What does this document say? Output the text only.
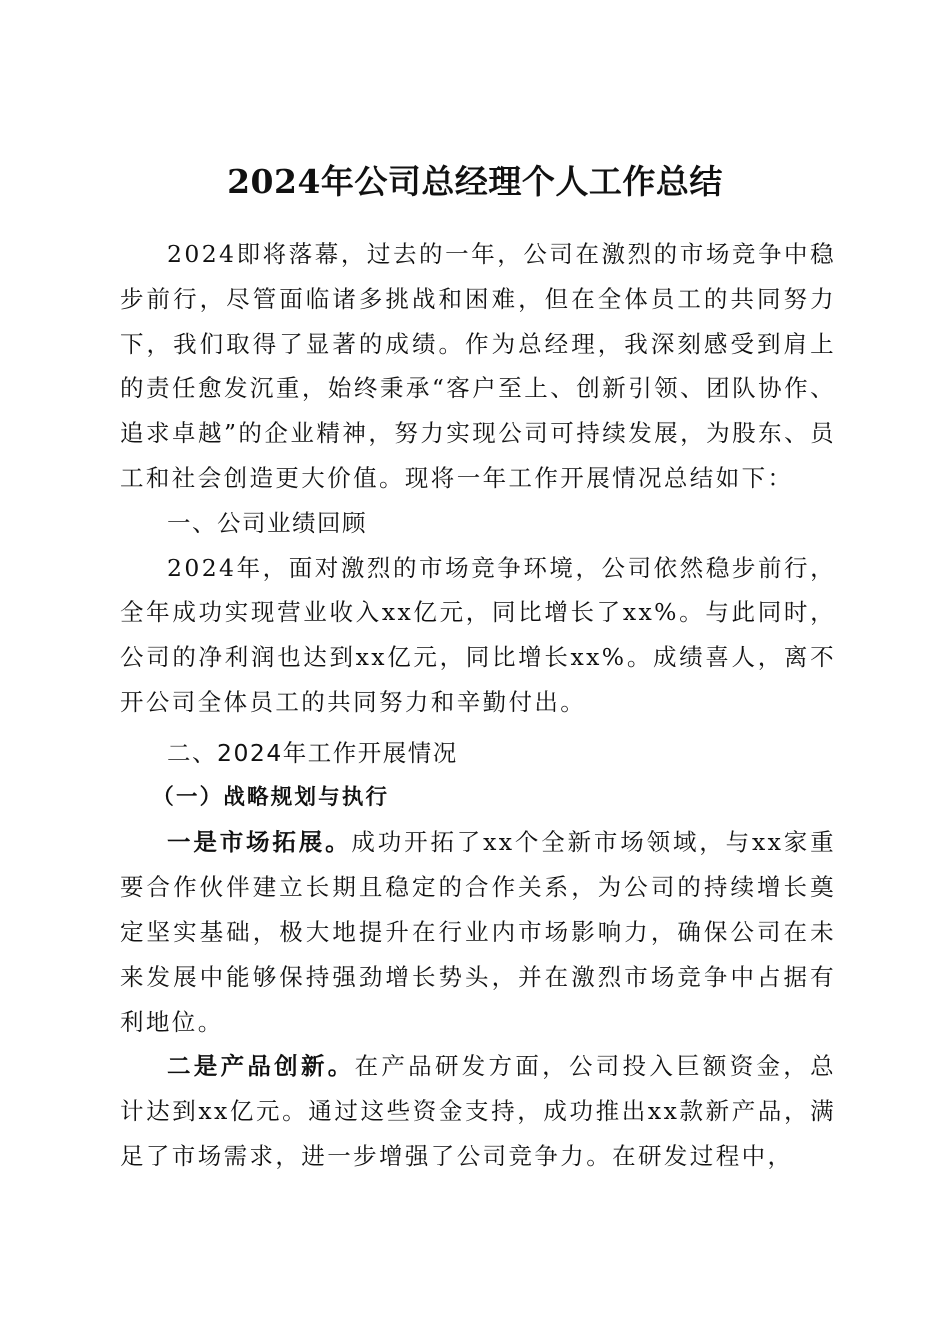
2024年公司总经理个人工作总结

2024即将落幕，过去的一年，公司在激烈的市场竞争中稳步前行，尽管面临诸多挑战和困难，但在全体员工的共同努力下，我们取得了显著的成绩。作为总经理，我深刻感受到肩上的责任愈发沉重，始终秉承“客户至上、创新引领、团队协作、追求卓越”的企业精神，努力实现公司可持续发展，为股东、员工和社会创造更大价值。现将一年工作开展情况总结如下：

一、公司业绩回顾

2024年，面对激烈的市场竞争环境，公司依然稳步前行，全年成功实现营业收入xx亿元，同比增长了xx%。与此同时，公司的净利润也达到xx亿元，同比增长xx%。成绩喜人，离不开公司全体员工的共同努力和辛勤付出。

二、2024年工作开展情况

（一）战略规划与执行

一是市场拓展。成功开拓了xx个全新市场领域，与xx家重要合作伙伴建立长期且稳定的合作关系，为公司的持续增长奠定坚实基础，极大地提升在行业内市场影响力，确保公司在未来发展中能够保持强劲增长势头，并在激烈市场竞争中占据有利地位。

二是产品创新。在产品研发方面，公司投入巨额资金，总计达到xx亿元。通过这些资金支持，成功推出xx款新产品，满足了市场需求，进一步增强了公司竞争力。在研发过程中，
